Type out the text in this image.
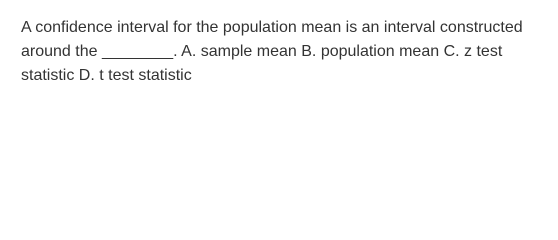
A confidence interval for the population mean is an interval constructed around the ________. A. sample mean B. population mean C. z test statistic D. t test statistic
